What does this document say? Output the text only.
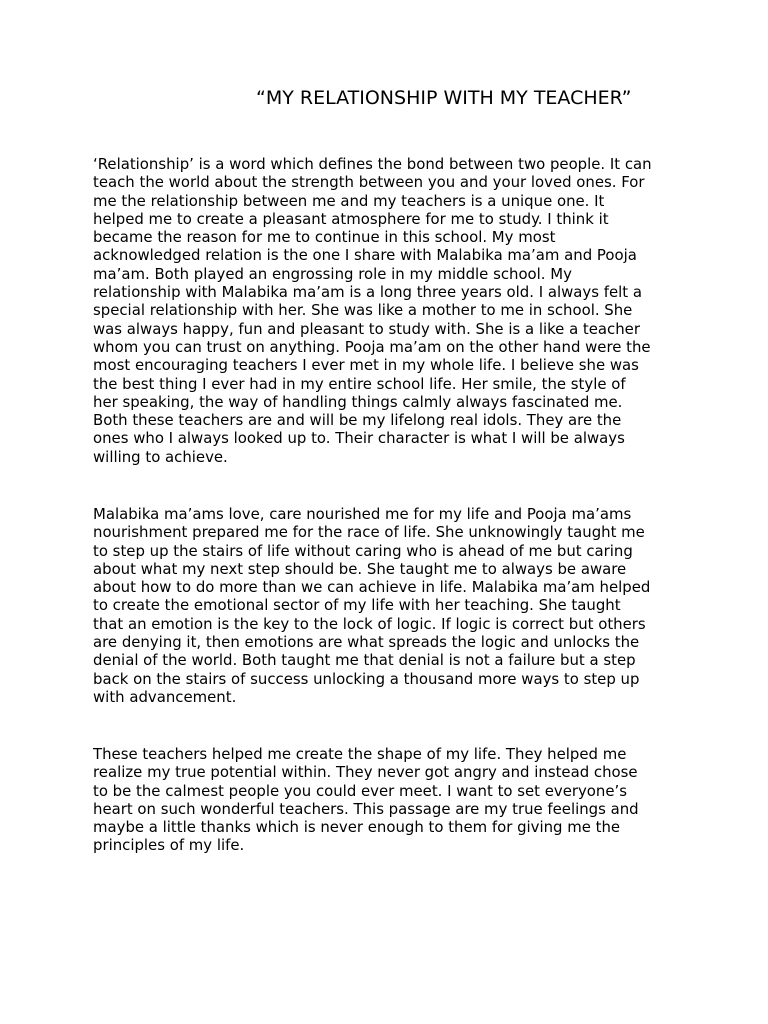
“MY RELATIONSHIP WITH MY TEACHER”

‘Relationship’ is a word which defines the bond between two people. It can
teach the world about the strength between you and your loved ones. For
me the relationship between me and my teachers is a unique one. It
helped me to create a pleasant atmosphere for me to study. I think it
became the reason for me to continue in this school. My most
acknowledged relation is the one I share with Malabika ma’am and Pooja
ma’am. Both played an engrossing role in my middle school. My
relationship with Malabika ma’am is a long three years old. I always felt a
special relationship with her. She was like a mother to me in school. She
was always happy, fun and pleasant to study with. She is a like a teacher
whom you can trust on anything. Pooja ma’am on the other hand were the
most encouraging teachers I ever met in my whole life. I believe she was
the best thing I ever had in my entire school life. Her smile, the style of
her speaking, the way of handling things calmly always fascinated me.
Both these teachers are and will be my lifelong real idols. They are the
ones who I always looked up to. Their character is what I will be always
willing to achieve.

Malabika ma’ams love, care nourished me for my life and Pooja ma’ams
nourishment prepared me for the race of life. She unknowingly taught me
to step up the stairs of life without caring who is ahead of me but caring
about what my next step should be. She taught me to always be aware
about how to do more than we can achieve in life. Malabika ma’am helped
to create the emotional sector of my life with her teaching. She taught
that an emotion is the key to the lock of logic. If logic is correct but others
are denying it, then emotions are what spreads the logic and unlocks the
denial of the world. Both taught me that denial is not a failure but a step
back on the stairs of success unlocking a thousand more ways to step up
with advancement.

These teachers helped me create the shape of my life. They helped me
realize my true potential within. They never got angry and instead chose
to be the calmest people you could ever meet. I want to set everyone’s
heart on such wonderful teachers. This passage are my true feelings and
maybe a little thanks which is never enough to them for giving me the
principles of my life.
